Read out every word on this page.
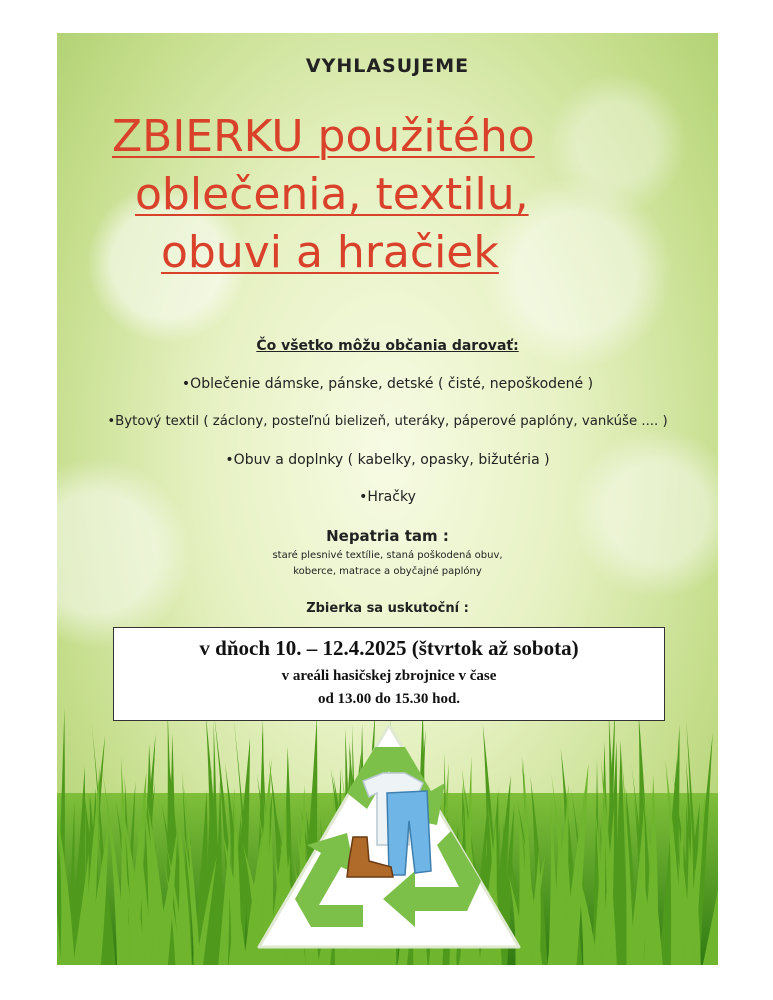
VYHLASUJEME
ZBIERKU použitého
oblečenia, textilu,
obuvi a hračiek
Čo všetko môžu občania darovať:
•Oblečenie dámske, pánske, detské ( čisté, nepoškodené )
•Bytový textil ( záclony, posteľnú bielizeň, uteráky, páperové paplóny, vankúše .... )
•Obuv a doplnky ( kabelky, opasky, bižutéria )
•Hračky
Nepatria tam :
staré plesnivé textílie, staná poškodená obuv,
koberce, matrace a obyčajné paplóny
Zbierka sa uskutoční :
v dňoch 10. – 12.4.2025 (štvrtok až sobota)
v areáli hasičskej zbrojnice v čase
od 13.00 do 15.30 hod.
